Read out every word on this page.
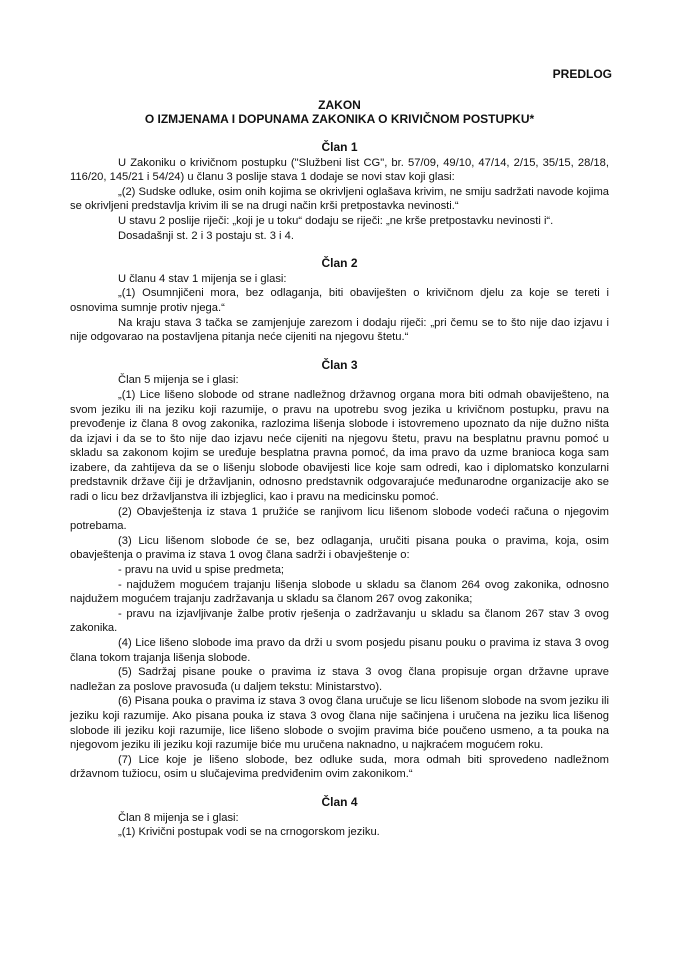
PREDLOG
ZAKON
O IZMJENAMA I DOPUNAMA ZAKONIKA O KRIVIČNOM POSTUPKU*
Član 1

U Zakoniku o krivičnom postupku ("Službeni list CG", br. 57/09, 49/10, 47/14, 2/15, 35/15, 28/18, 116/20, 145/21 i 54/24) u članu 3 poslije stava 1 dodaje se novi stav koji glasi:

„(2) Sudske odluke, osim onih kojima se okrivljeni oglašava krivim, ne smiju sadržati navode kojima se okrivljeni predstavlja krivim ili se na drugi način krši pretpostavka nevinosti.“

U stavu 2 poslije riječi: „koji je u toku“ dodaju se riječi: „ne krše pretpostavku nevinosti i“.

Dosadašnji st. 2 i 3 postaju st. 3 i 4.

Član 2

U članu 4 stav 1 mijenja se i glasi:

„(1) Osumnjičeni mora, bez odlaganja, biti obaviješten o krivičnom djelu za koje se tereti i osnovima sumnje protiv njega.“

Na kraju stava 3 tačka se zamjenjuje zarezom i dodaju riječi: „pri čemu se to što nije dao izjavu i nije odgovarao na postavljena pitanja neće cijeniti na njegovu štetu.“

Član 3

Član 5 mijenja se i glasi:

„(1) Lice lišeno slobode od strane nadležnog državnog organa mora biti odmah obaviješteno, na svom jeziku ili na jeziku koji razumije, o pravu na upotrebu svog jezika u krivičnom postupku, pravu na prevođenje iz člana 8 ovog zakonika, razlozima lišenja slobode i istovremeno upoznato da nije dužno ništa da izjavi i da se to što nije dao izjavu neće cijeniti na njegovu štetu, pravu na besplatnu pravnu pomoć u skladu sa zakonom kojim se uređuje besplatna pravna pomoć, da ima pravo da uzme branioca koga sam izabere, da zahtijeva da se o lišenju slobode obavijesti lice koje sam odredi, kao i diplomatsko konzularni predstavnik države čiji je državljanin, odnosno predstavnik odgovarajuće međunarodne organizacije ako se radi o licu bez državljanstva ili izbjeglici, kao i pravu na medicinsku pomoć.

(2) Obavještenja iz stava 1 pružiće se ranjivom licu lišenom slobode vodeći računa o njegovim potrebama.

(3) Licu lišenom slobode će se, bez odlaganja, uručiti pisana pouka o pravima, koja, osim obavještenja o pravima iz stava 1 ovog člana sadrži i obavještenje o:

- pravu na uvid u spise predmeta;

- najdužem mogućem trajanju lišenja slobode u skladu sa članom 264 ovog zakonika, odnosno najdužem mogućem trajanju zadržavanja u skladu sa članom 267 ovog zakonika;

- pravu na izjavljivanje žalbe protiv rješenja o zadržavanju u skladu sa članom 267 stav 3 ovog zakonika.

(4) Lice lišeno slobode ima pravo da drži u svom posjedu pisanu pouku o pravima iz stava 3 ovog člana tokom trajanja lišenja slobode.

(5) Sadržaj pisane pouke o pravima iz stava 3 ovog člana propisuje organ državne uprave nadležan za poslove pravosuđa (u daljem tekstu: Ministarstvo).

(6) Pisana pouka o pravima iz stava 3 ovog člana uručuje se licu lišenom slobode na svom jeziku ili jeziku koji razumije. Ako pisana pouka iz stava 3 ovog člana nije sačinjena i uručena na jeziku lica lišenog slobode ili jeziku koji razumije, lice lišeno slobode o svojim pravima biće poučeno usmeno, a ta pouka na njegovom jeziku ili jeziku koji razumije biće mu uručena naknadno, u najkraćem mogućem roku.

(7) Lice koje je lišeno slobode, bez odluke suda, mora odmah biti sprovedeno nadležnom državnom tužiocu, osim u slučajevima predviđenim ovim zakonikom.“

Član 4

Član 8 mijenja se i glasi:

„(1) Krivični postupak vodi se na crnogorskom jeziku.
